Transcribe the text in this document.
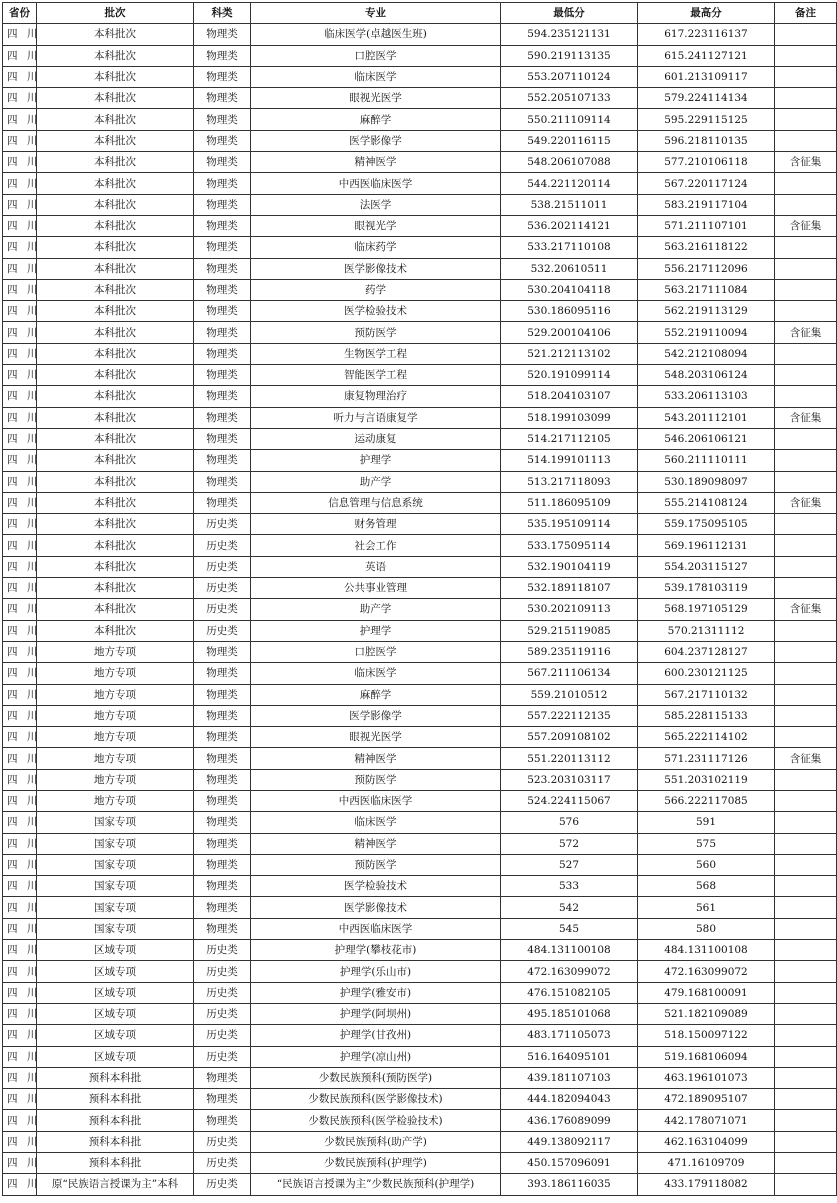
省份	批次	科类	专业	最低分	最高分	备注
四 川	本科批次	物理类	临床医学(卓越医生班)	594.235121131	617.223116137	
四 川	本科批次	物理类	口腔医学	590.219113135	615.241127121	
四 川	本科批次	物理类	临床医学	553.207110124	601.213109117	
四 川	本科批次	物理类	眼视光医学	552.205107133	579.224114134	
四 川	本科批次	物理类	麻醉学	550.211109114	595.229115125	
四 川	本科批次	物理类	医学影像学	549.220116115	596.218110135	
四 川	本科批次	物理类	精神医学	548.206107088	577.210106118	含征集
四 川	本科批次	物理类	中西医临床医学	544.221120114	567.220117124	
四 川	本科批次	物理类	法医学	538.21511011	583.219117104	
四 川	本科批次	物理类	眼视光学	536.202114121	571.211107101	含征集
四 川	本科批次	物理类	临床药学	533.217110108	563.216118122	
四 川	本科批次	物理类	医学影像技术	532.20610511	556.217112096	
四 川	本科批次	物理类	药学	530.204104118	563.217111084	
四 川	本科批次	物理类	医学检验技术	530.186095116	562.219113129	
四 川	本科批次	物理类	预防医学	529.200104106	552.219110094	含征集
四 川	本科批次	物理类	生物医学工程	521.212113102	542.212108094	
四 川	本科批次	物理类	智能医学工程	520.191099114	548.203106124	
四 川	本科批次	物理类	康复物理治疗	518.204103107	533.206113103	
四 川	本科批次	物理类	听力与言语康复学	518.199103099	543.201112101	含征集
四 川	本科批次	物理类	运动康复	514.217112105	546.206106121	
四 川	本科批次	物理类	护理学	514.199101113	560.211110111	
四 川	本科批次	物理类	助产学	513.217118093	530.189098097	
四 川	本科批次	物理类	信息管理与信息系统	511.186095109	555.214108124	含征集
四 川	本科批次	历史类	财务管理	535.195109114	559.175095105	
四 川	本科批次	历史类	社会工作	533.175095114	569.196112131	
四 川	本科批次	历史类	英语	532.190104119	554.203115127	
四 川	本科批次	历史类	公共事业管理	532.189118107	539.178103119	
四 川	本科批次	历史类	助产学	530.202109113	568.197105129	含征集
四 川	本科批次	历史类	护理学	529.215119085	570.21311112	
四 川	地方专项	物理类	口腔医学	589.235119116	604.237128127	
四 川	地方专项	物理类	临床医学	567.211106134	600.230121125	
四 川	地方专项	物理类	麻醉学	559.21010512	567.217110132	
四 川	地方专项	物理类	医学影像学	557.222112135	585.228115133	
四 川	地方专项	物理类	眼视光医学	557.209108102	565.222114102	
四 川	地方专项	物理类	精神医学	551.220113112	571.231117126	含征集
四 川	地方专项	物理类	预防医学	523.203103117	551.203102119	
四 川	地方专项	物理类	中西医临床医学	524.224115067	566.222117085	
四 川	国家专项	物理类	临床医学	576	591	
四 川	国家专项	物理类	精神医学	572	575	
四 川	国家专项	物理类	预防医学	527	560	
四 川	国家专项	物理类	医学检验技术	533	568	
四 川	国家专项	物理类	医学影像技术	542	561	
四 川	国家专项	物理类	中西医临床医学	545	580	
四 川	区域专项	历史类	护理学(攀枝花市)	484.131100108	484.131100108	
四 川	区域专项	历史类	护理学(乐山市)	472.163099072	472.163099072	
四 川	区域专项	历史类	护理学(雅安市)	476.151082105	479.168100091	
四 川	区域专项	历史类	护理学(阿坝州)	495.185101068	521.182109089	
四 川	区域专项	历史类	护理学(甘孜州)	483.171105073	518.150097122	
四 川	区域专项	历史类	护理学(凉山州)	516.164095101	519.168106094	
四 川	预科本科批	物理类	少数民族预科(预防医学)	439.181107103	463.196101073	
四 川	预科本科批	物理类	少数民族预科(医学影像技术)	444.182094043	472.189095107	
四 川	预科本科批	物理类	少数民族预科(医学检验技术)	436.176089099	442.178071071	
四 川	预科本科批	历史类	少数民族预科(助产学)	449.138092117	462.163104099	
四 川	预科本科批	历史类	少数民族预科(护理学)	450.157096091	471.16109709	
四 川	原“民族语言授课为主”本科	历史类	“民族语言授课为主”少数民族预科(护理学)	393.186116035	433.179118082	
